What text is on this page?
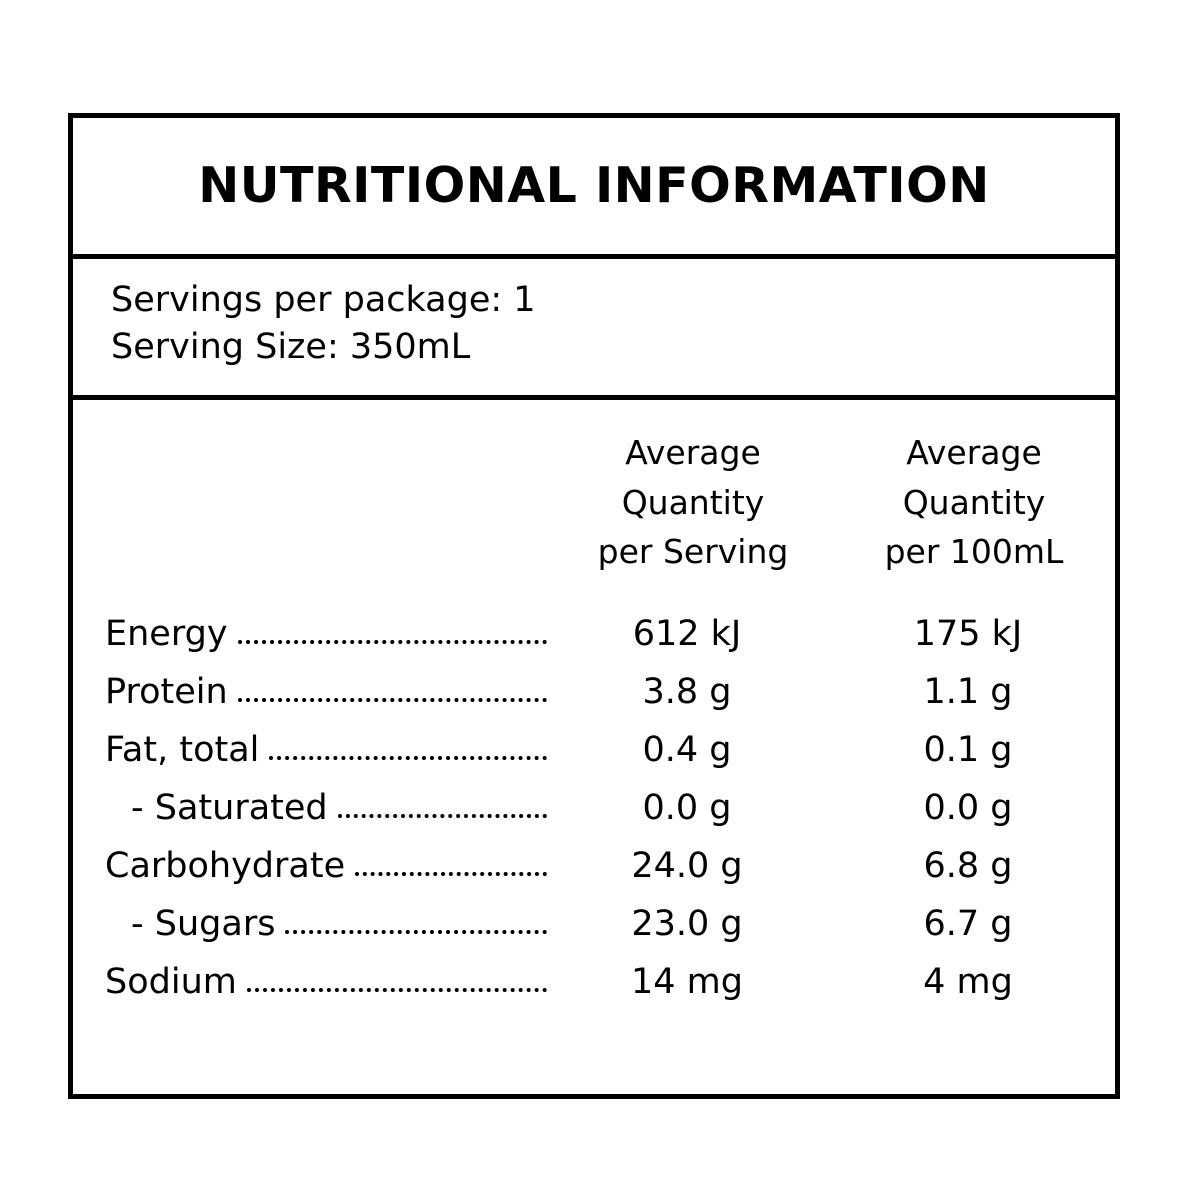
NUTRITIONAL INFORMATION
Servings per package: 1
Serving Size: 350mL

Average
Quantity
per Serving

Average
Quantity
per 100mL

Energy	612 kJ	175 kJ

Protein	3.8 g	1.1 g

Fat, total	0.4 g	0.1 g

- Saturated	0.0 g	0.0 g

Carbohydrate	24.0 g	6.8 g

- Sugars	23.0 g	6.7 g

Sodium	14 mg	4 mg
